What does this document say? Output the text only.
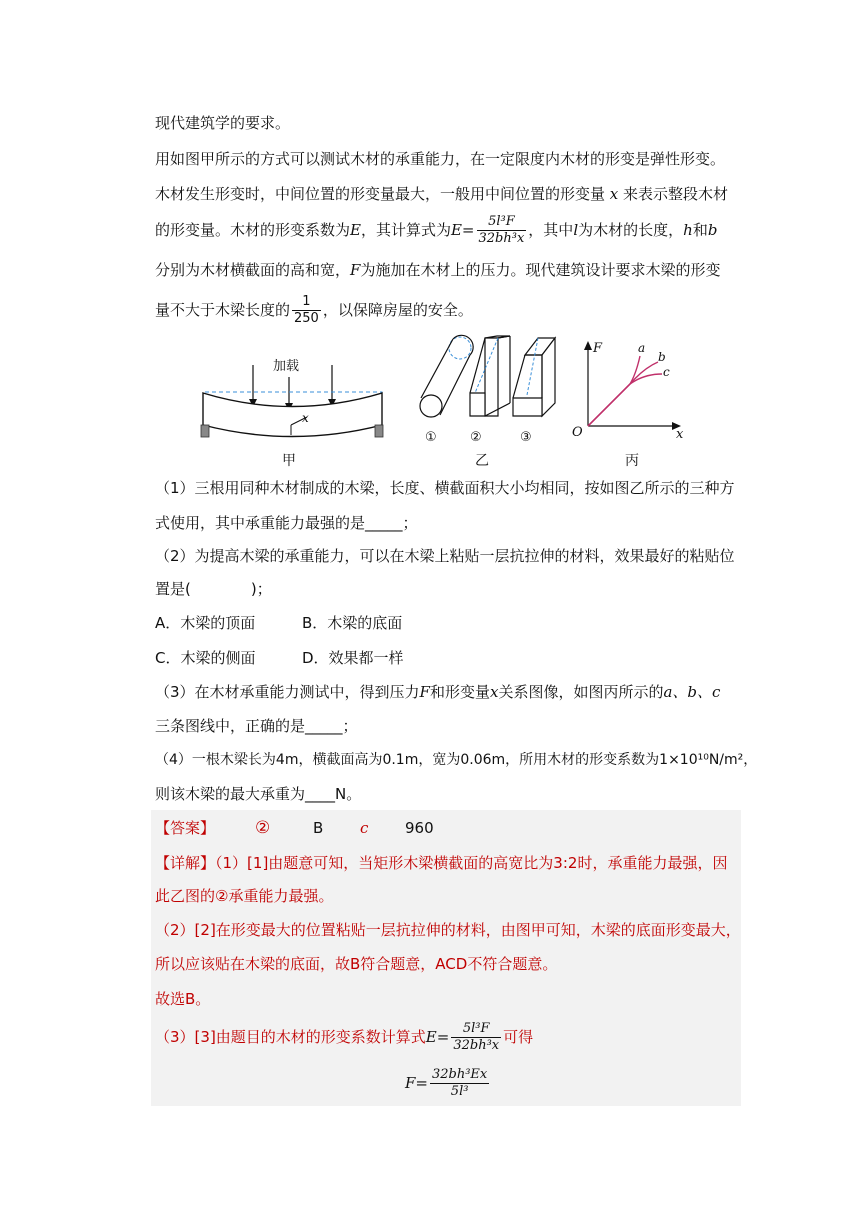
现代建筑学的要求。
用如图甲所示的方式可以测试木材的承重能力，在一定限度内木材的形变是弹性形变。
木材发生形变时，中间位置的形变量最大，一般用中间位置的形变量 x 来表示整段木材
的形变量。木材的形变系数为E，其计算式为$E= \frac{\text{5l³F}}{\text{32bh³x}}$ ，其中l为木材的长度，h和b
分别为木材横截面的高和宽，F为施加在木材上的压力。现代建筑设计要求木梁的形变
量不大于木梁长度的 $\frac{1}{250}$ ，以保障房屋的安全。
加载
x
甲
①	②	③
乙
F
x
O
a
b
c
丙
（1）三根用同种木材制成的木梁，长度、横截面积大小均相同，按如图乙所示的三种方
式使用，其中承重能力最强的是_____；
（2）为提高木梁的承重能力，可以在木梁上粘贴一层抗拉伸的材料，效果最好的粘贴位
置是(　　　　)；
A．木梁的顶面	B．木梁的底面
C．木梁的侧面	D．效果都一样
（3）在木材承重能力测试中，得到压力F和形变量x关系图像，如图丙所示的a、b、c
三条图线中，正确的是_____；
（4）一根木梁长为4m，横截面高为0.1m，宽为0.06m，所用木材的形变系数为1×10¹⁰N/m²，
则该木梁的最大承重为____N。
【答案】 ②	B c 960
【详解】（1）[1]由题意可知，当矩形木梁横截面的高宽比为3:2时，承重能力最强，因
此乙图的②承重能力最强。
（2）[2]在形变最大的位置粘贴一层抗拉伸的材料，由图甲可知，木梁的底面形变最大，
所以应该贴在木梁的底面，故B符合题意，ACD不符合题意。
故选B。
（3）[3]由题目的木材的形变系数计算式$E= \frac{\text{5l³F}}{\text{32bh³x}}$ 可得
$F= \frac{\text{32bh³Ex}}{\text{5l³}}$
